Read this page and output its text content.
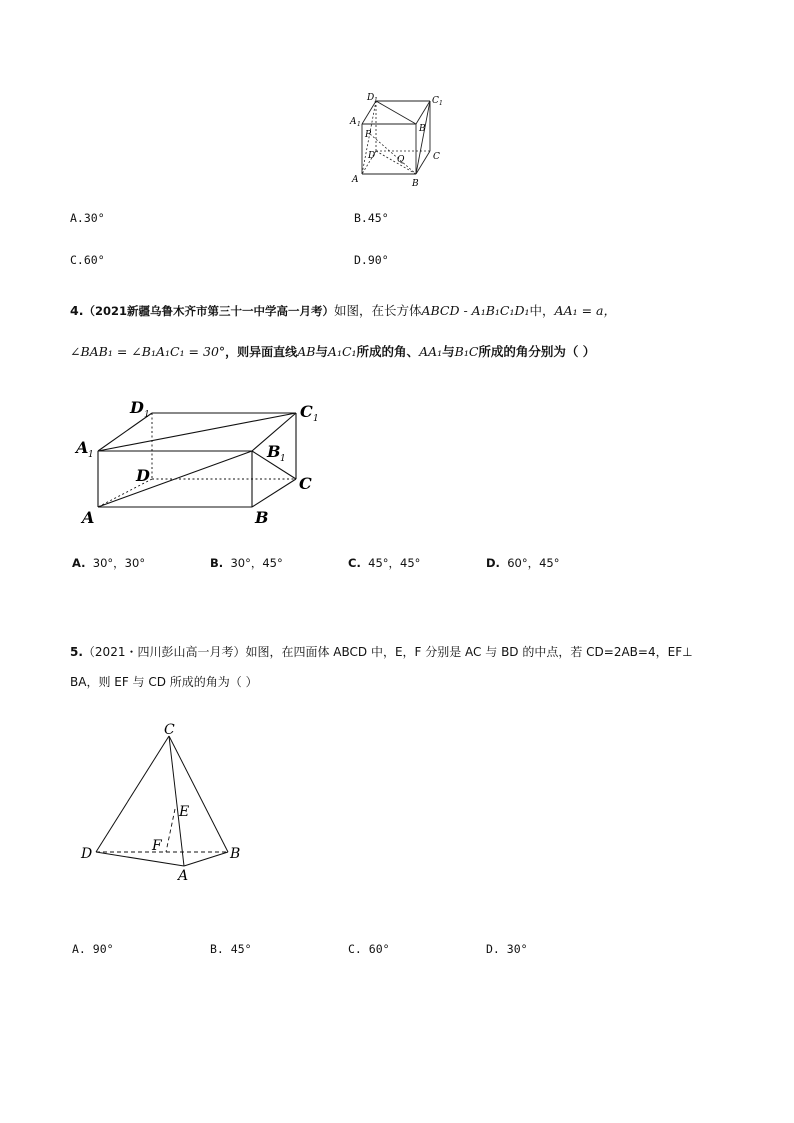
D 1	C 1
A 1	B
P
D Q	C
A	B
A.30°	B.45°
C.60°	D.90°
4.（2021新疆乌鲁木齐市第三十一中学高一月考）如图，在长方体ABCD - A₁B₁C₁D₁中，AA₁ = a，
∠BAB₁ = ∠B₁A₁C₁ = 30°，则异面直线AB与A₁C₁所成的角、AA₁与B₁C所成的角分别为（ ）
D 1	C 1
A 1	B 1
D	C
A	B
A. 30°，30°	B. 30°，45°	C. 45°，45°	D. 60°，45°
5.（2021・四川彭山高一月考）如图，在四面体 ABCD 中，E，F 分别是 AC 与 BD 的中点，若 CD=2AB=4，EF⊥
BA，则 EF 与 CD 所成的角为（ ）
C
E
F
D	B
A
A. 90°	B. 45°	C. 60°	D. 30°
